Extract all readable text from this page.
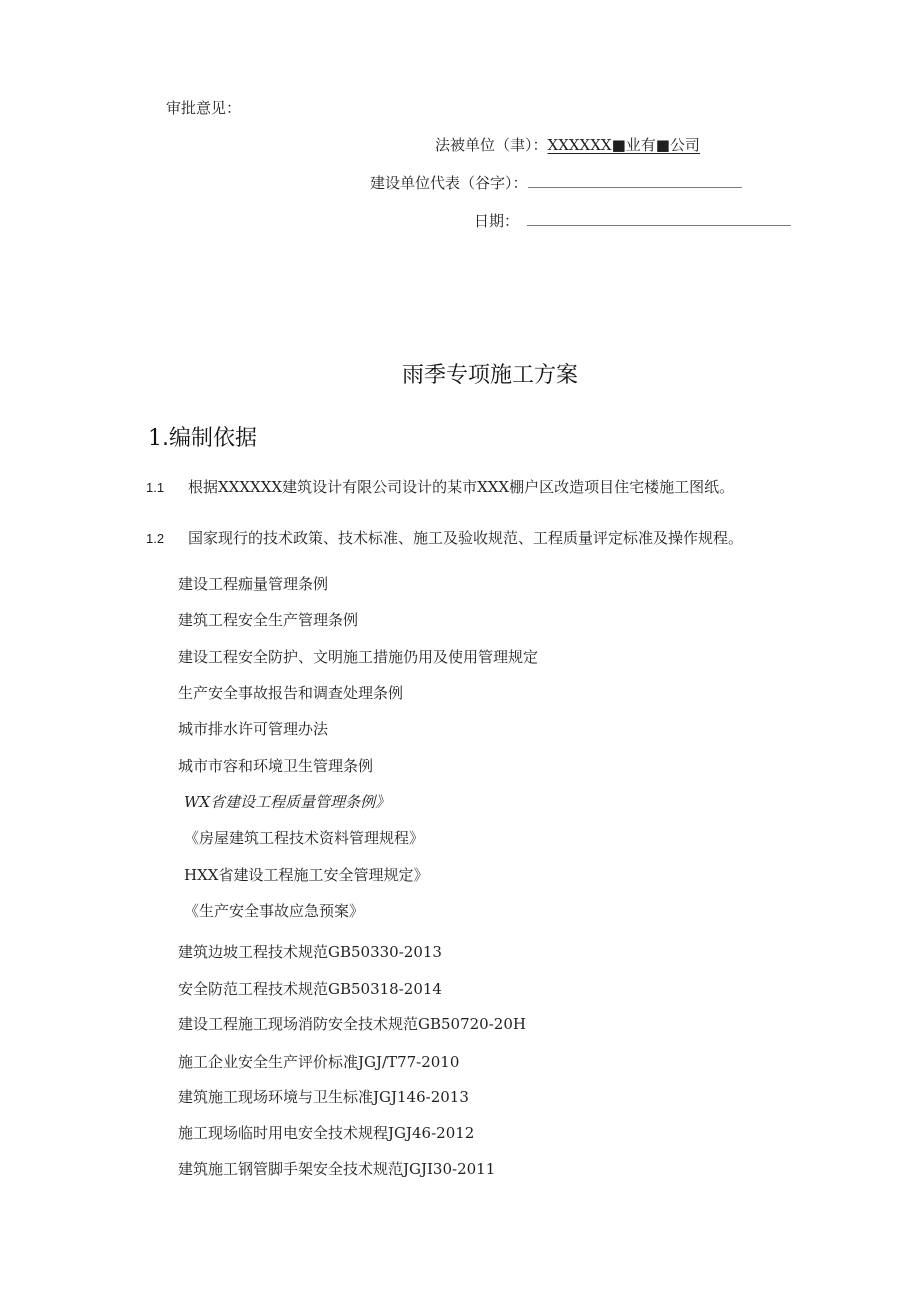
审批意见：
法被单位（聿）：XXXXXX■业有■公司
建设单位代表（谷字）：
日期：
雨季专项施工方案
1.编制依据
1.1 根据XXXXXX建筑设计有限公司设计的某市XXX棚户区改造项目住宅楼施工图纸。
1.2 国家现行的技术政策、技术标准、施工及验收规范、工程质量评定标准及操作规程。
建设工程痂量管理条例
建筑工程安全生产管理条例
建设工程安全防护、文明施工措施仍用及使用管理规定
生产安全事故报告和调查处理条例
城市排水许可管理办法
城市市容和环境卫生管理条例
WX省建设工程质量管理条例》
《房屋建筑工程技术资料管理规程》
HXX省建设工程施工安全管理规定》
《生产安全事故应急预案》
建筑边坡工程技术规范GB50330-2013
安全防范工程技术规范GB50318-2014
建设工程施工现场消防安全技术规范GB50720-20H
施工企业安全生产评价标准JGJ/T77-2010
建筑施工现场环境与卫生标准JGJ146-2013
施工现场临时用电安全技术规程JGJ46-2012
建筑施工钢管脚手架安全技术规范JGJI30-2011
